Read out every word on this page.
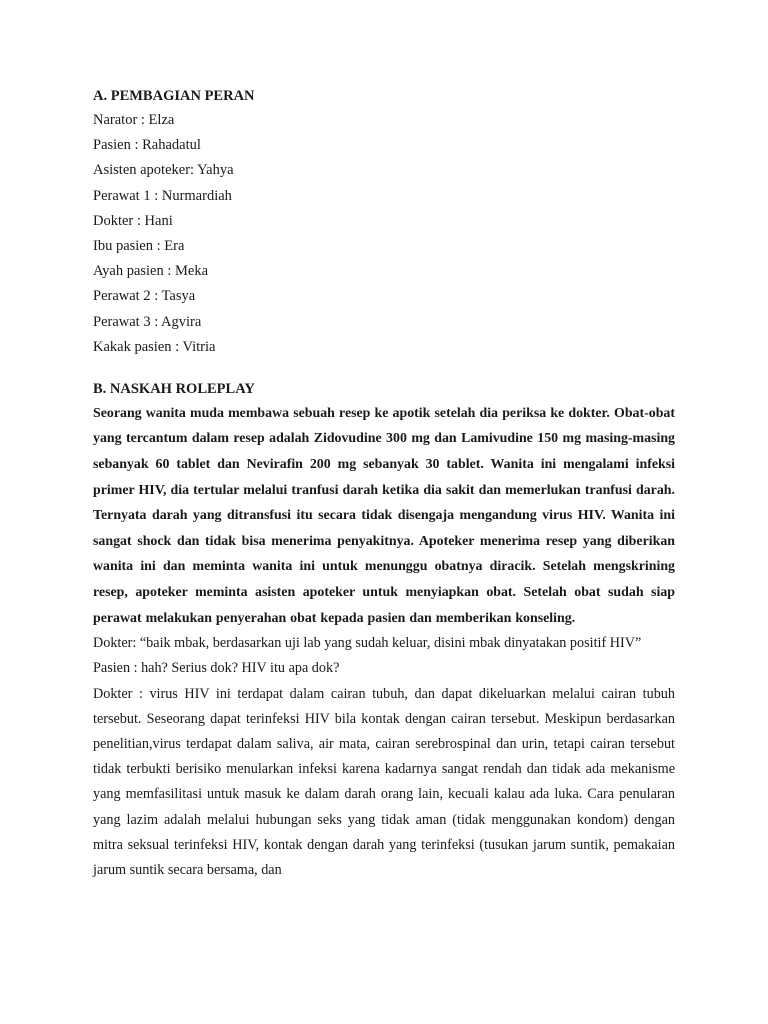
A. PEMBAGIAN PERAN
Narator : Elza
Pasien : Rahadatul
Asisten apoteker: Yahya
Perawat 1 : Nurmardiah
Dokter : Hani
Ibu pasien : Era
Ayah pasien : Meka
Perawat 2 : Tasya
Perawat 3 : Agvira
Kakak pasien : Vitria
B. NASKAH ROLEPLAY

Seorang wanita muda membawa sebuah resep ke apotik setelah dia periksa ke dokter. Obat-obat yang tercantum dalam resep adalah Zidovudine 300 mg dan Lamivudine 150 mg masing-masing sebanyak 60 tablet dan Nevirafin 200 mg sebanyak 30 tablet. Wanita ini mengalami infeksi primer HIV, dia tertular melalui tranfusi darah ketika dia sakit dan memerlukan tranfusi darah. Ternyata darah yang ditransfusi itu secara tidak disengaja mengandung virus HIV. Wanita ini sangat shock dan tidak bisa menerima penyakitnya. Apoteker menerima resep yang diberikan wanita ini dan meminta wanita ini untuk menunggu obatnya diracik. Setelah mengskrining resep, apoteker meminta asisten apoteker untuk menyiapkan obat. Setelah obat sudah siap perawat melakukan penyerahan obat kepada pasien dan memberikan konseling.

Dokter: “baik mbak, berdasarkan uji lab yang sudah keluar, disini mbak dinyatakan positif HIV”

Pasien : hah? Serius dok? HIV itu apa dok?

Dokter : virus HIV ini terdapat dalam cairan tubuh, dan dapat dikeluarkan melalui cairan tubuh tersebut. Seseorang dapat terinfeksi HIV bila kontak dengan cairan tersebut. Meskipun berdasarkan penelitian,virus terdapat dalam saliva, air mata, cairan serebrospinal dan urin, tetapi cairan tersebut tidak terbukti berisiko menularkan infeksi karena kadarnya sangat rendah dan tidak ada mekanisme yang memfasilitasi untuk masuk ke dalam darah orang lain, kecuali kalau ada luka. Cara penularan yang lazim adalah melalui hubungan seks yang tidak aman (tidak menggunakan kondom) dengan mitra seksual terinfeksi HIV, kontak dengan darah yang terinfeksi (tusukan jarum suntik, pemakaian jarum suntik secara bersama, dan
